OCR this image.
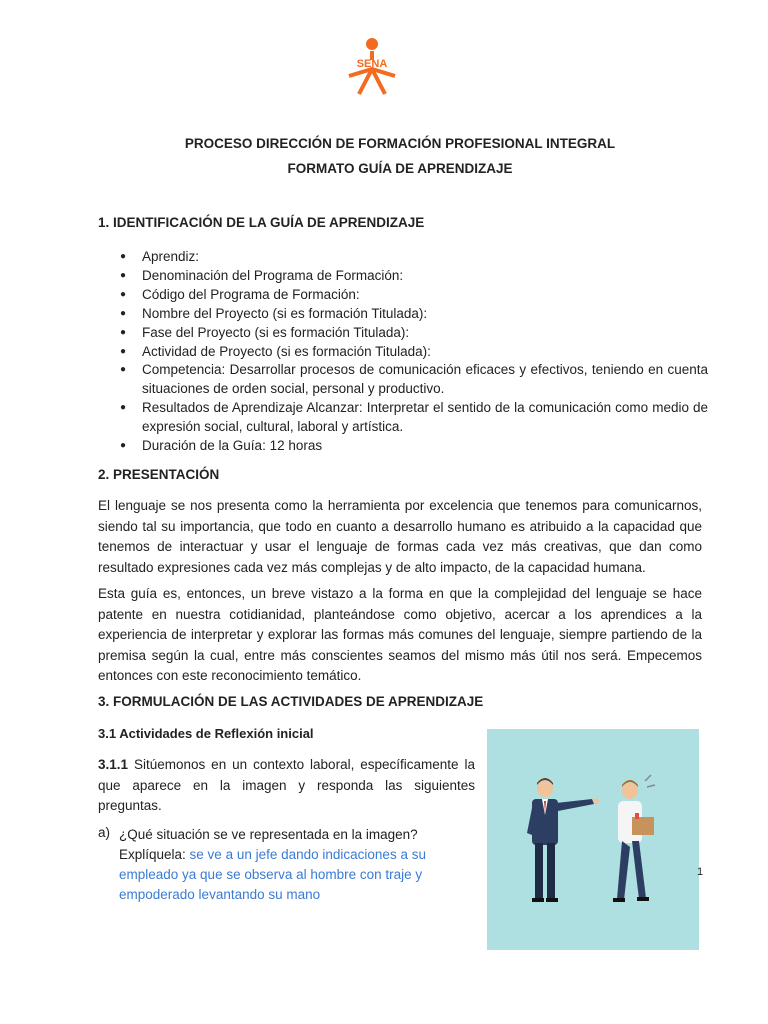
SENA
PROCESO DIRECCIÓN DE FORMACIÓN PROFESIONAL INTEGRAL
FORMATO GUÍA DE APRENDIZAJE
1. IDENTIFICACIÓN DE LA GUÍA DE APRENDIZAJE
● Aprendiz:
● Denominación del Programa de Formación:
● Código del Programa de Formación:
● Nombre del Proyecto (si es formación Titulada):
● Fase del Proyecto (si es formación Titulada):
● Actividad de Proyecto (si es formación Titulada):
● Competencia: Desarrollar procesos de comunicación eficaces y efectivos, teniendo en cuenta situaciones de orden social, personal y productivo.
● Resultados de Aprendizaje Alcanzar: Interpretar el sentido de la comunicación como medio de expresión social, cultural, laboral y artística.
● Duración de la Guía: 12 horas
2. PRESENTACIÓN
El lenguaje se nos presenta como la herramienta por excelencia que tenemos para comunicarnos, siendo tal su importancia, que todo en cuanto a desarrollo humano es atribuido a la capacidad que tenemos de interactuar y usar el lenguaje de formas cada vez más creativas, que dan como resultado expresiones cada vez más complejas y de alto impacto, de la capacidad humana.
Esta guía es, entonces, un breve vistazo a la forma en que la complejidad del lenguaje se hace patente en nuestra cotidianidad, planteándose como objetivo, acercar a los aprendices a la experiencia de interpretar y explorar las formas más comunes del lenguaje, siempre partiendo de la premisa según la cual, entre más conscientes seamos del mismo más útil nos será. Empecemos entonces con este reconocimiento temático.
3. FORMULACIÓN DE LAS ACTIVIDADES DE APRENDIZAJE
3.1 Actividades de Reflexión inicial
3.1.1 Sitúemonos en un contexto laboral, específicamente la que aparece en la imagen y responda las siguientes preguntas.
a) ¿Qué situación se ve representada en la imagen?
Explíquela: se ve a un jefe dando indicaciones a su empleado ya que se observa al hombre con traje y empoderado levantando su mano
1
